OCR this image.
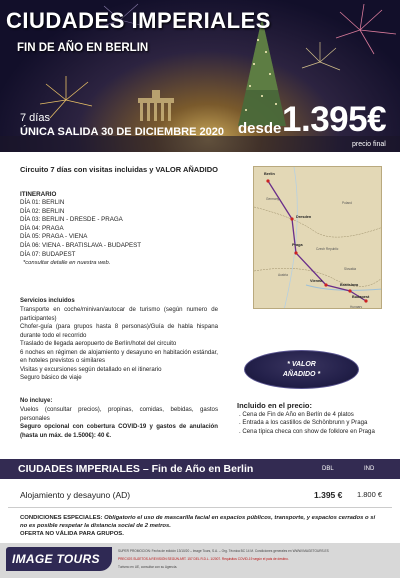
CIUDADES IMPERIALES
FIN DE AÑO EN BERLIN
7 días
ÚNICA SALIDA 30 DE DICIEMBRE 2020 desde 1.395€
precio final
Circuito 7 días con visitas incluidas y VALOR AÑADIDO
ITINERARIO
DÍA 01: BERLIN
DÍA 02: BERLIN
DÍA 03: BERLIN - DRESDE - PRAGA
DÍA 04: PRAGA
DÍA 05: PRAGA - VIENA
DÍA 06: VIENA - BRATISLAVA - BUDAPEST
DÍA 07: BUDAPEST
*consultar detalle en nuestra web.
Berlin
Dresden
Praga
Vienna
Bratislava
Budapest
Germany
Poland
Czech Republic
Austria
Slovakia
Hungary
Servicios incluidos
Transporte en coche/minivan/autocar de turismo (según numero de participantes)
Chofer-guía (para grupos hasta 8 personas)/Guía de habla hispana durante todo el recorrido
Traslado de llegada aeropuerto de Berlín/hotel del circuito
6 noches en régimen de alojamiento y desayuno en habitación estándar, en hoteles previstos o similares
Visitas y excursiones según detallado en el itinerario
Seguro básico de viaje
* VALOR
AÑADIDO *
No incluye:
Vuelos (consultar precios), propinas, comidas, bebidas, gastos personales
Seguro opcional con cobertura COVID-19 y gastos de anulación (hasta un máx. de 1.500€): 40 €.
Incluido en el precio:
. Cena de Fin de Año en Berlín de 4 platos
. Entrada a los castillos de Schönbrunn y Praga
. Cena típica checa con show de folklore en Praga
CIUDADES IMPERIALES – Fin de Año en Berlin	DBL	IND
Alojamiento y desayuno (AD)	1.395 € 1.800 €
CONDICIONES ESPECIALES: Obligatorio el uso de mascarilla facial en espacios públicos, transporte, y espacios cerrados o si no es posible respetar la distancia social de 2 metros.
OFERTA NO VÁLIDA PARA GRUPOS.
IMAGE TOURS
SUPER PROMOCION: Fecha de edición 13/10/20 – Image Tours, S.A. – Org. Técnica BC 14 M. Condiciones generales en WWW.IMAGETOURS.ES
PRECIOS SUJETOS A REVISIÓN SEGÚN ART. 157 DEL R.D.L. 1/2007. Requisitos COVID-19 según el país de destino.
Turismo en UE, consultar con su Agencia.
